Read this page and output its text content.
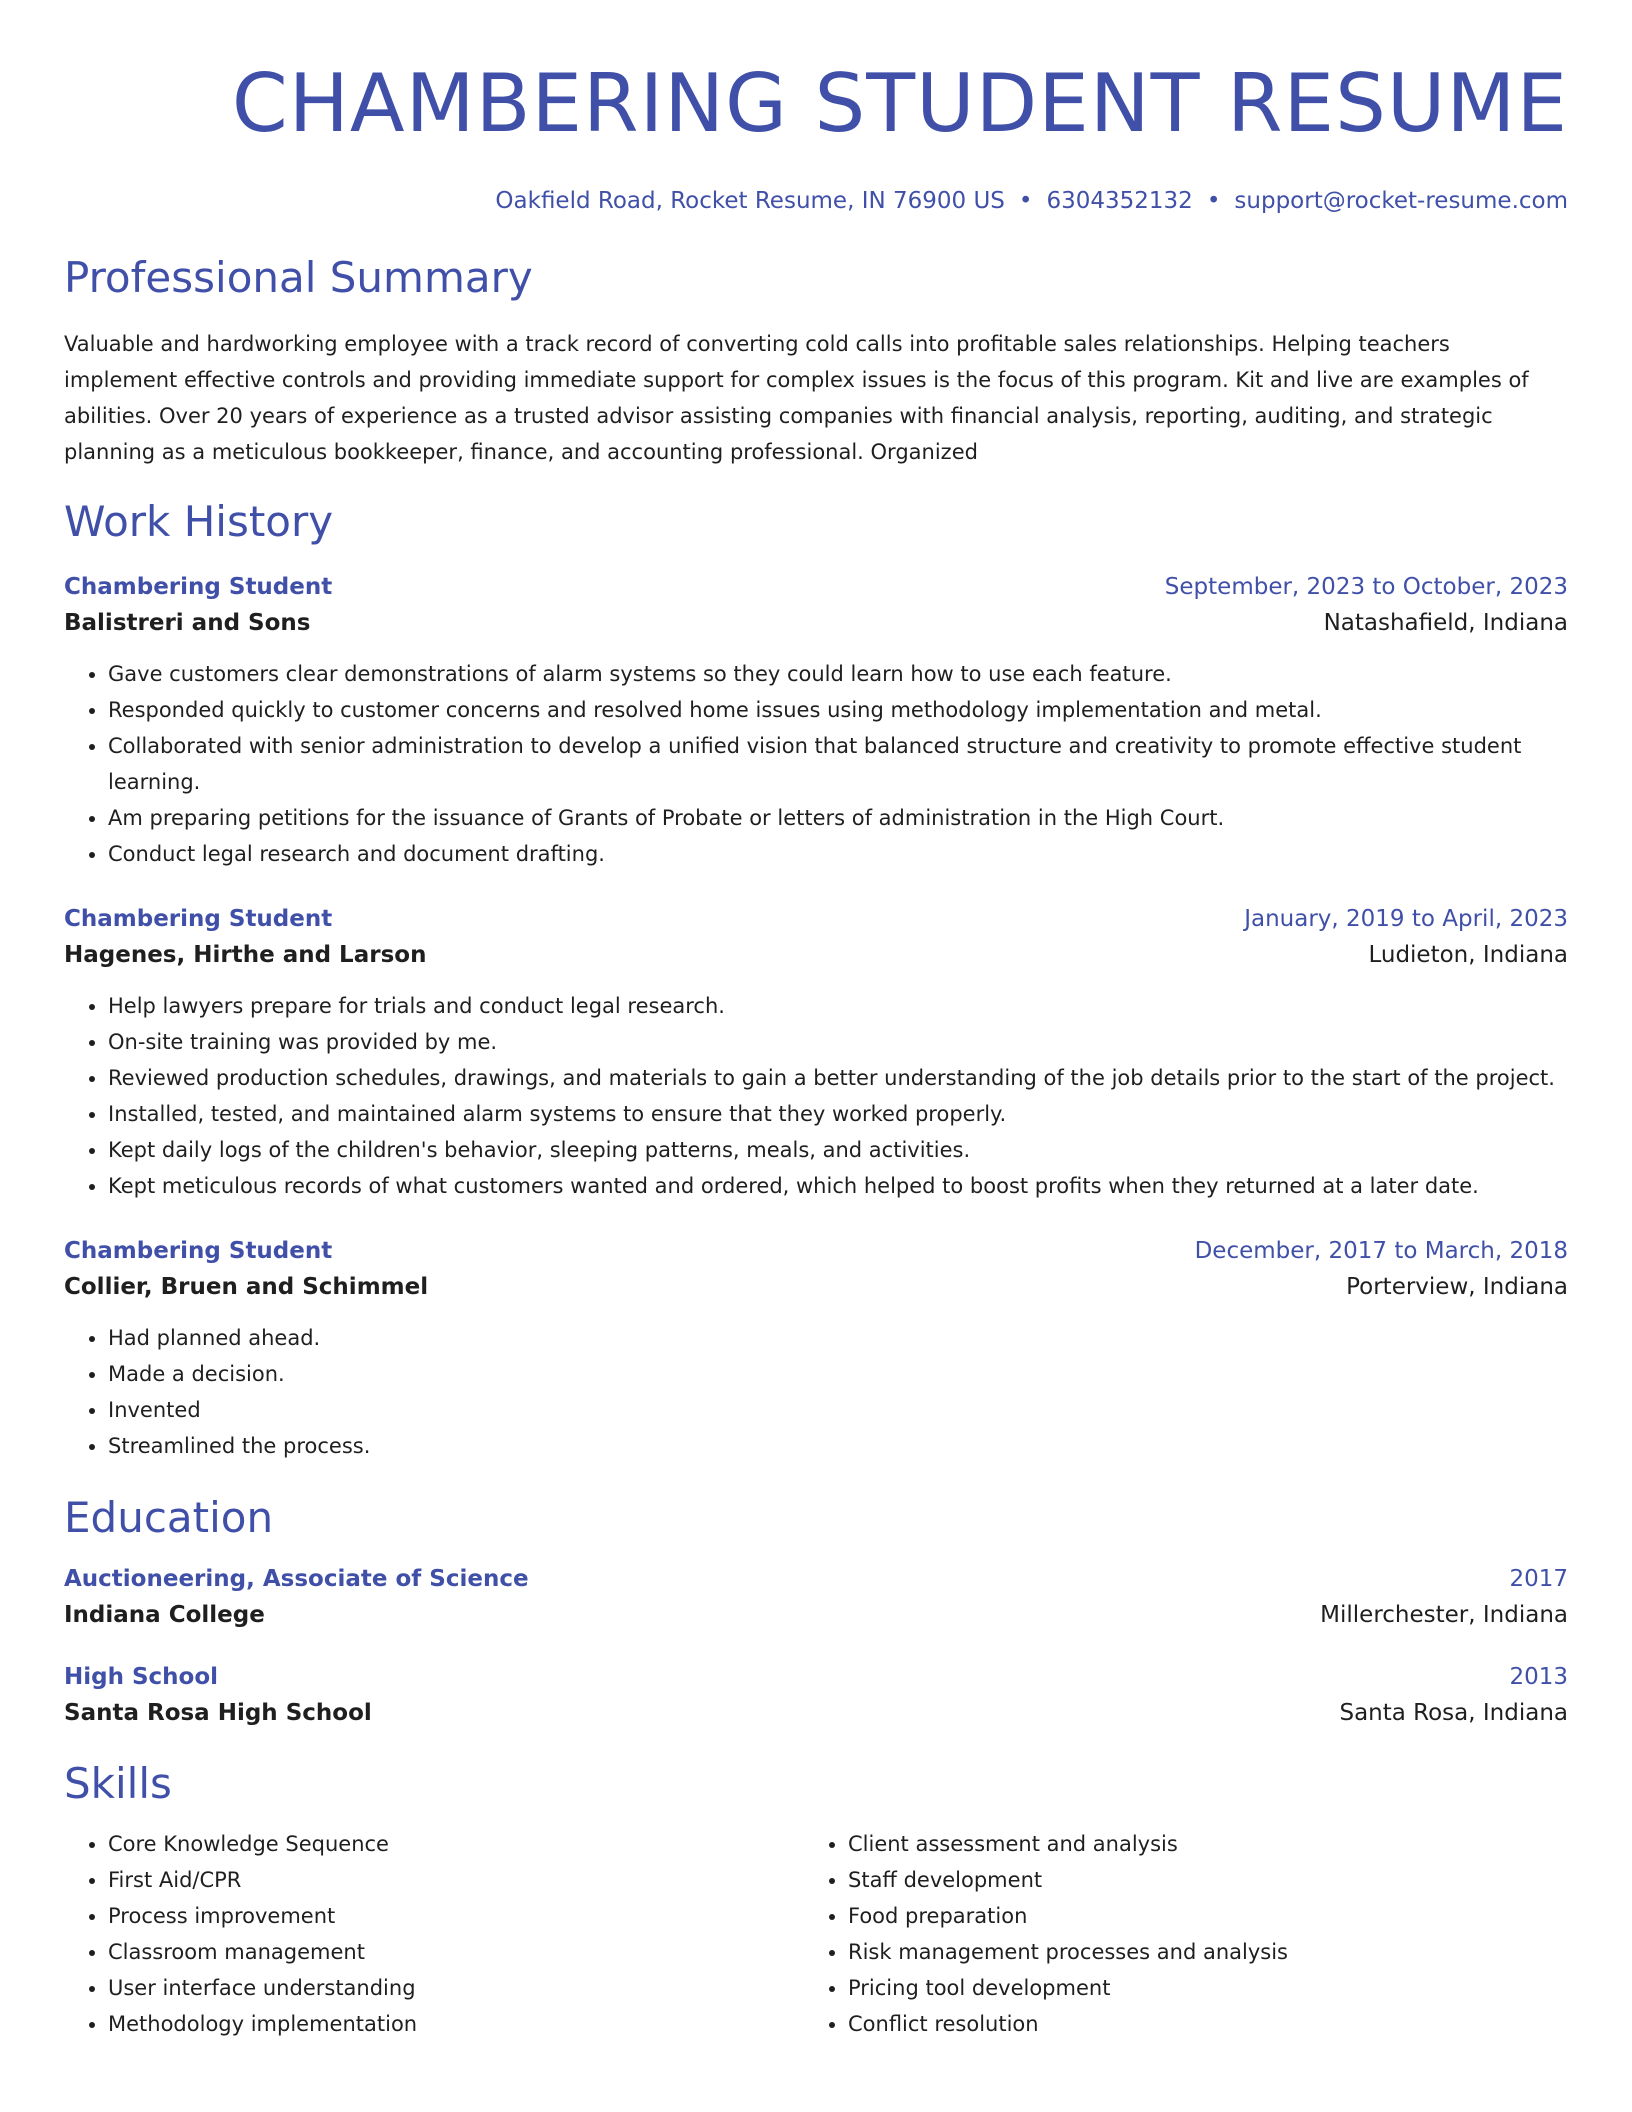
CHAMBERING STUDENT RESUME
Oakfield Road, Rocket Resume, IN 76900 US • 6304352132 • support@rocket-resume.com
Professional Summary
Valuable and hardworking employee with a track record of converting cold calls into profitable sales relationships. Helping teachers implement effective controls and providing immediate support for complex issues is the focus of this program. Kit and live are examples of abilities. Over 20 years of experience as a trusted advisor assisting companies with financial analysis, reporting, auditing, and strategic planning as a meticulous bookkeeper, finance, and accounting professional. Organized
Work History
Chambering Student	September, 2023 to October, 2023
Balistreri and Sons	Natashafield, Indiana
• Gave customers clear demonstrations of alarm systems so they could learn how to use each feature.
• Responded quickly to customer concerns and resolved home issues using methodology implementation and metal.
• Collaborated with senior administration to develop a unified vision that balanced structure and creativity to promote effective student learning.
• Am preparing petitions for the issuance of Grants of Probate or letters of administration in the High Court.
• Conduct legal research and document drafting.
Chambering Student	January, 2019 to April, 2023
Hagenes, Hirthe and Larson	Ludieton, Indiana
• Help lawyers prepare for trials and conduct legal research.
• On-site training was provided by me.
• Reviewed production schedules, drawings, and materials to gain a better understanding of the job details prior to the start of the project.
• Installed, tested, and maintained alarm systems to ensure that they worked properly.
• Kept daily logs of the children's behavior, sleeping patterns, meals, and activities.
• Kept meticulous records of what customers wanted and ordered, which helped to boost profits when they returned at a later date.
Chambering Student	December, 2017 to March, 2018
Collier, Bruen and Schimmel	Porterview, Indiana
• Had planned ahead.
• Made a decision.
• Invented
• Streamlined the process.
Education
Auctioneering, Associate of Science	2017
Indiana College	Millerchester, Indiana
High School	2013
Santa Rosa High School	Santa Rosa, Indiana
Skills
• Core Knowledge Sequence
• First Aid/CPR
• Process improvement
• Classroom management
• User interface understanding
• Methodology implementation
• Client assessment and analysis
• Staff development
• Food preparation
• Risk management processes and analysis
• Pricing tool development
• Conflict resolution
